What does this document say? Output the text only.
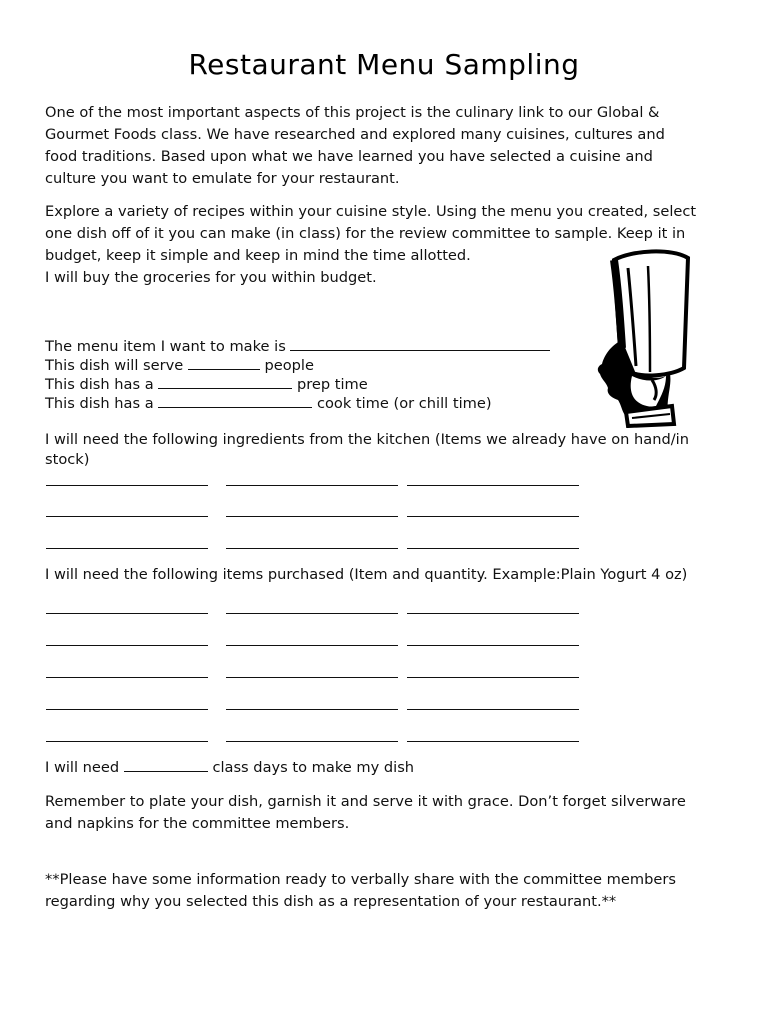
Restaurant Menu Sampling
One of the most important aspects of this project is the culinary link to our Global &
Gourmet Foods class. We have researched and explored many cuisines, cultures and
food traditions. Based upon what we have learned you have selected a cuisine and
culture you want to emulate for your restaurant.
Explore a variety of recipes within your cuisine style. Using the menu you created, select
one dish off of it you can make (in class) for the review committee to sample. Keep it in
budget, keep it simple and keep in mind the time allotted.
I will buy the groceries for you within budget.
The menu item I want to make is
This dish will serve	people
This dish has a	prep time
This dish has a	cook time (or chill time)
I will need the following ingredients from the kitchen (Items we already have on hand/in
stock)
I will need the following items purchased (Item and quantity. Example:Plain Yogurt 4 oz)
I will need	class days to make my dish
Remember to plate your dish, garnish it and serve it with grace. Don’t forget silverware
and napkins for the committee members.
**Please have some information ready to verbally share with the committee members
regarding why you selected this dish as a representation of your restaurant.**
